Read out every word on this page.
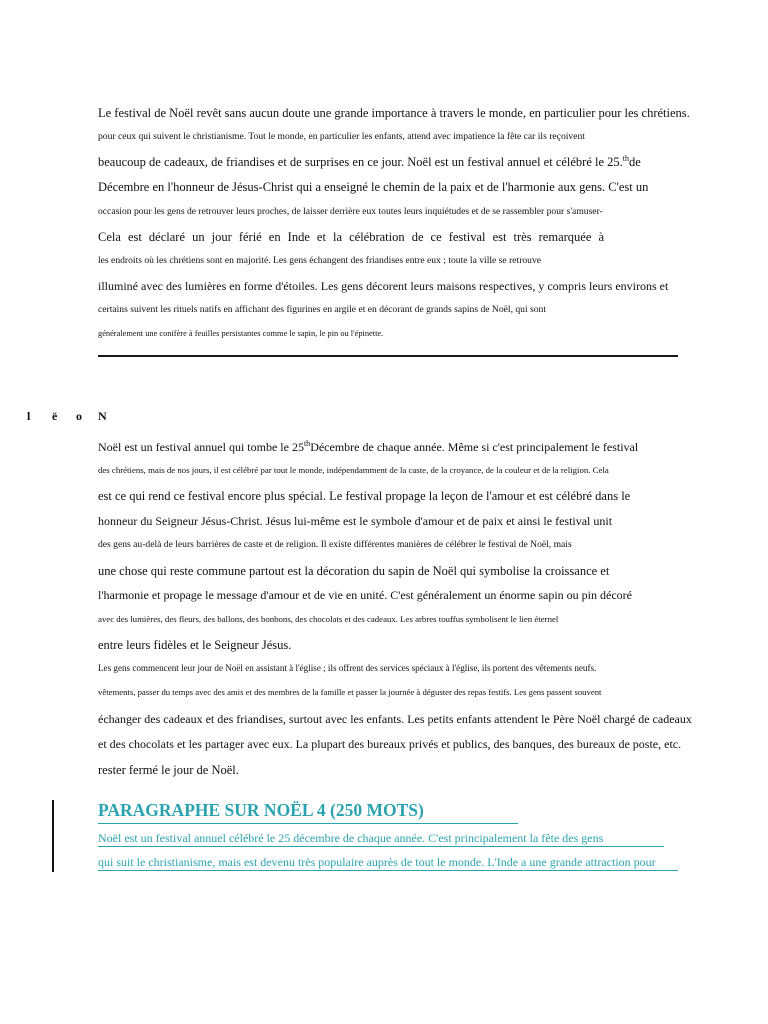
Le festival de Noël revêt sans aucun doute une grande importance à travers le monde, en particulier pour les chrétiens.
pour ceux qui suivent le christianisme. Tout le monde, en particulier les enfants, attend avec impatience la fête car ils reçoivent
beaucoup de cadeaux, de friandises et de surprises en ce jour. Noël est un festival annuel et célébré le 25.$^{th}$de
Décembre en l'honneur de Jésus-Christ qui a enseigné le chemin de la paix et de l'harmonie aux gens. C'est un
occasion pour les gens de retrouver leurs proches, de laisser derrière eux toutes leurs inquiétudes et de se rassembler pour s'amuser-
Cela est déclaré un jour férié en Inde et la célébration de ce festival est très remarquée à
les endroits où les chrétiens sont en majorité. Les gens échangent des friandises entre eux ; toute la ville se retrouve
illuminé avec des lumières en forme d'étoiles. Les gens décorent leurs maisons respectives, y compris leurs environs et
certains suivent les rituels natifs en affichant des figurines en argile et en décorant de grands sapins de Noël, qui sont
généralement une conifère à feuilles persistantes comme le sapin, le pin ou l'épinette.
l ë o N
Noël est un festival annuel qui tombe le 25thDécembre de chaque année. Même si c'est principalement le festival
des chrétiens, mais de nos jours, il est célébré par tout le monde, indépendamment de la caste, de la croyance, de la couleur et de la religion. Cela
est ce qui rend ce festival encore plus spécial. Le festival propage la leçon de l'amour et est célébré dans le
honneur du Seigneur Jésus-Christ. Jésus lui-même est le symbole d'amour et de paix et ainsi le festival unit
des gens au-delà de leurs barrières de caste et de religion. Il existe différentes manières de célébrer le festival de Noël, mais
une chose qui reste commune partout est la décoration du sapin de Noël qui symbolise la croissance et
l'harmonie et propage le message d'amour et de vie en unité. C'est généralement un énorme sapin ou pin décoré
avec des lumières, des fleurs, des ballons, des bonbons, des chocolats et des cadeaux. Les arbres touffus symbolisent le lien éternel
entre leurs fidèles et le Seigneur Jésus.
Les gens commencent leur jour de Noël en assistant à l'église ; ils offrent des services spéciaux à l'église, ils portent des vêtements neufs.
vêtements, passer du temps avec des amis et des membres de la famille et passer la journée à déguster des repas festifs. Les gens passent souvent
échanger des cadeaux et des friandises, surtout avec les enfants. Les petits enfants attendent le Père Noël chargé de cadeaux
et des chocolats et les partager avec eux. La plupart des bureaux privés et publics, des banques, des bureaux de poste, etc.
rester fermé le jour de Noël.
PARAGRAPHE SUR NOËL 4 (250 MOTS)
Noël est un festival annuel célébré le 25 décembre de chaque année. C'est principalement la fête des gens
qui suit le christianisme, mais est devenu très populaire auprès de tout le monde. L'Inde a une grande attraction pour
